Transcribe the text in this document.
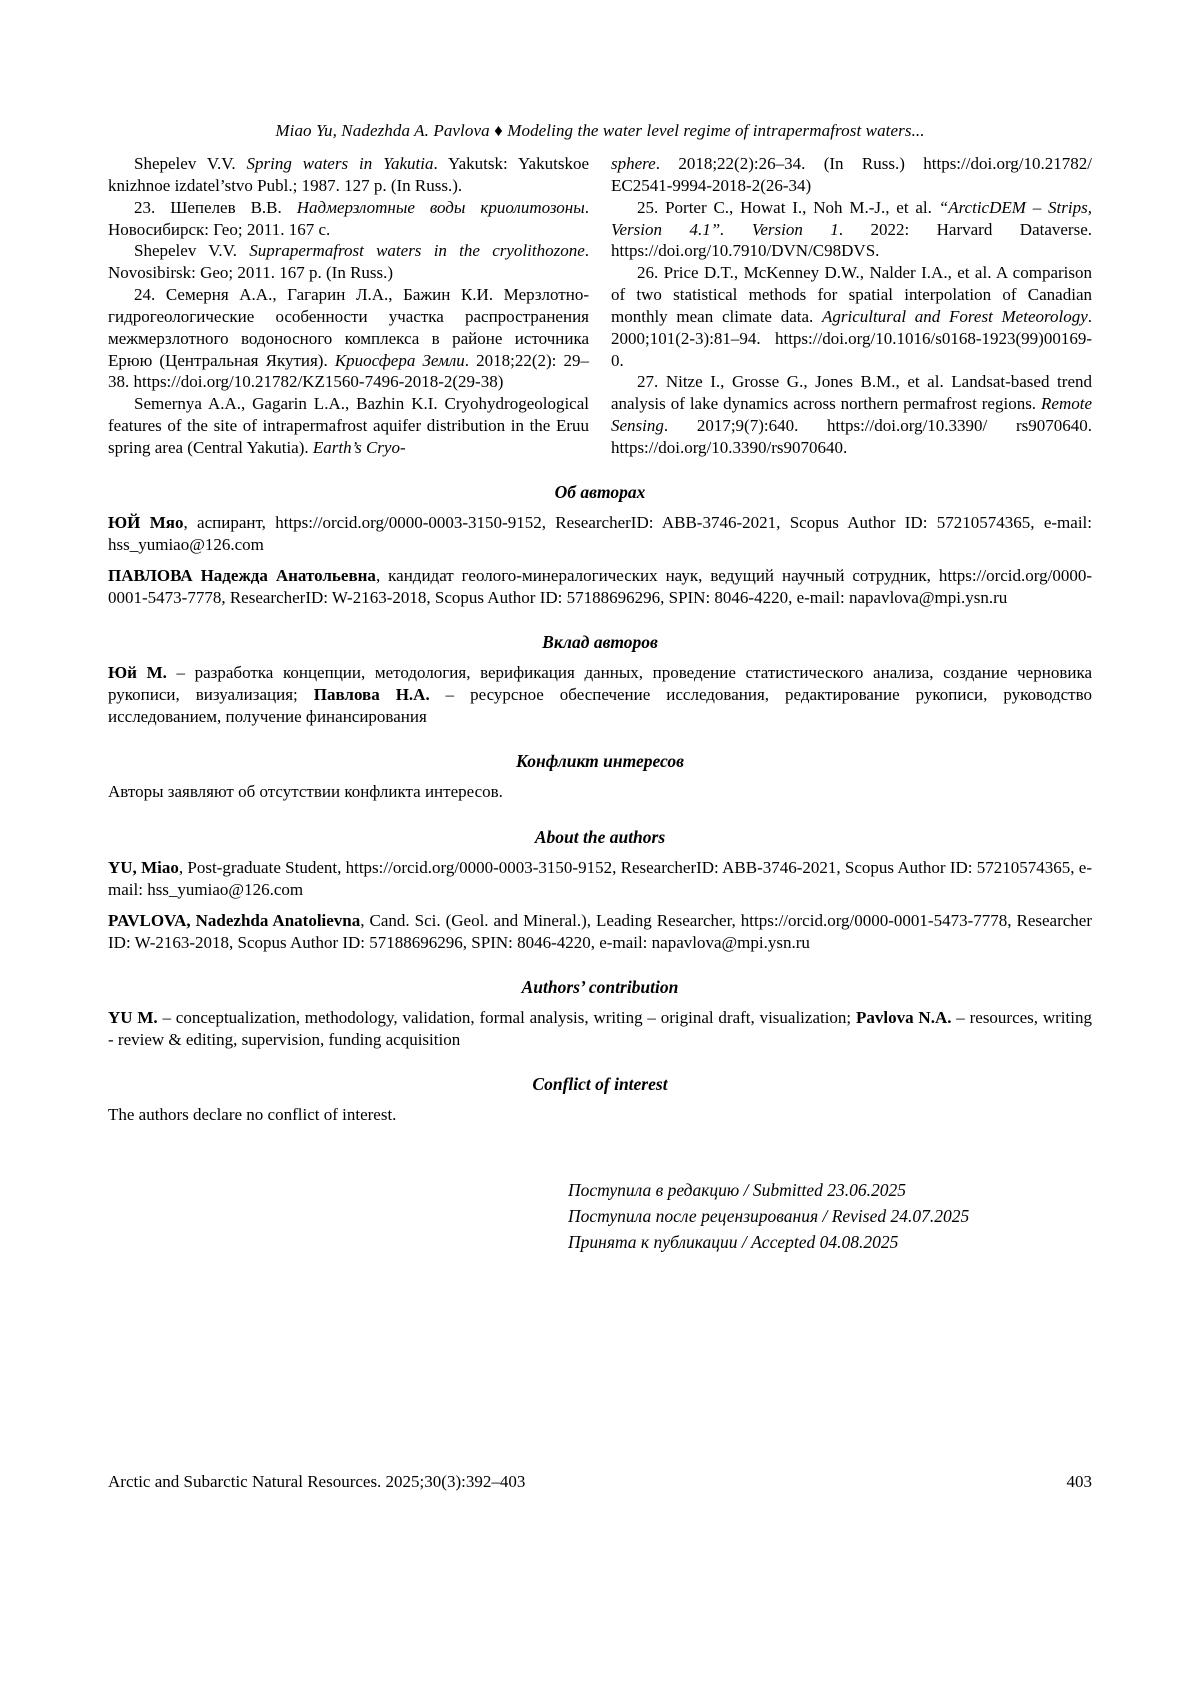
Miao Yu, Nadezhda A. Pavlova ♦ Modeling the water level regime of intrapermafrost waters...

Shepelev V.V. Spring waters in Yakutia. Yakutsk: Yakutskoe knizhnoe izdatel’stvo Publ.; 1987. 127 p. (In Russ.).

23. Шепелев В.В. Надмерзлотные воды криолитозоны. Новосибирск: Гео; 2011. 167 с.

Shepelev V.V. Suprapermafrost waters in the cryolithozone. Novosibirsk: Geo; 2011. 167 p. (In Russ.)

24. Семерня А.А., Гагарин Л.А., Бажин К.И. Мерзлотно-гидрогеологические особенности участка распространения межмерзлотного водоносного комплекса в районе источника Ерюю (Центральная Якутия). Криосфера Земли. 2018;22(2): 29–38. https://doi.org/10.21782/KZ1560-7496-2018-2(29-38)

Semernya A.A., Gagarin L.A., Bazhin K.I. Cryohydrogeological features of the site of intrapermafrost aquifer distribution in the Eruu spring area (Central Yakutia). Earth’s Cryo-

sphere. 2018;22(2):26–34. (In Russ.) https://doi.org/10.21782/ EC2541-9994-2018-2(26-34)

25. Porter C., Howat I., Noh M.-J., et al. “ArcticDEM – Strips, Version 4.1”. Version 1. 2022: Harvard Dataverse. https://doi.org/10.7910/DVN/C98DVS.

26. Price D.T., McKenney D.W., Nalder I.A., et al. A comparison of two statistical methods for spatial interpolation of Canadian monthly mean climate data. Agricultural and Forest Meteorology. 2000;101(2-3):81–94. https://doi.org/10.1016/s0168-1923(99)00169-0.

27. Nitze I., Grosse G., Jones B.M., et al. Landsat-based trend analysis of lake dynamics across northern permafrost regions. Remote Sensing. 2017;9(7):640. https://doi.org/10.3390/ rs9070640. https://doi.org/10.3390/rs9070640.

Об авторах

ЮЙ Мяо, аспирант, https://orcid.org/0000-0003-3150-9152, ResearcherID: ABB-3746-2021, Scopus Author ID: 57210574365, e-mail: hss_yumiao@126.com

ПАВЛОВА Надежда Анатольевна, кандидат геолого-минералогических наук, ведущий научный сотрудник, https://orcid.org/0000-0001-5473-7778, ResearcherID: W-2163-2018, Scopus Author ID: 57188696296, SPIN: 8046-4220, e-mail: napavlova@mpi.ysn.ru

Вклад авторов

Юй М. – разработка концепции, методология, верификация данных, проведение статистического анализа, создание черновика рукописи, визуализация; Павлова Н.А. – ресурсное обеспечение исследования, редактирование рукописи, руководство исследованием, получение финансирования

Конфликт интересов

Авторы заявляют об отсутствии конфликта интересов.

About the authors

YU, Miao, Post-graduate Student, https://orcid.org/0000-0003-3150-9152, ResearcherID: ABB-3746-2021, Scopus Author ID: 57210574365, e-mail: hss_yumiao@126.com

PAVLOVA, Nadezhda Anatolievna, Cand. Sci. (Geol. and Mineral.), Leading Researcher, https://orcid.org/0000-0001-5473-7778, Researcher ID: W-2163-2018, Scopus Author ID: 57188696296, SPIN: 8046-4220, e-mail: napavlova@mpi.ysn.ru

Authors’ contribution

YU M. – conceptualization, methodology, validation, formal analysis, writing – original draft, visualization; Pavlova N.A. – resources, writing - review & editing, supervision, funding acquisition

Conflict of interest

The authors declare no conflict of interest.

Поступила в редакцию / Submitted 23.06.2025
Поступила после рецензирования / Revised 24.07.2025
Принята к публикации / Accepted 04.08.2025
Arctic and Subarctic Natural Resources. 2025;30(3):392–403	403
